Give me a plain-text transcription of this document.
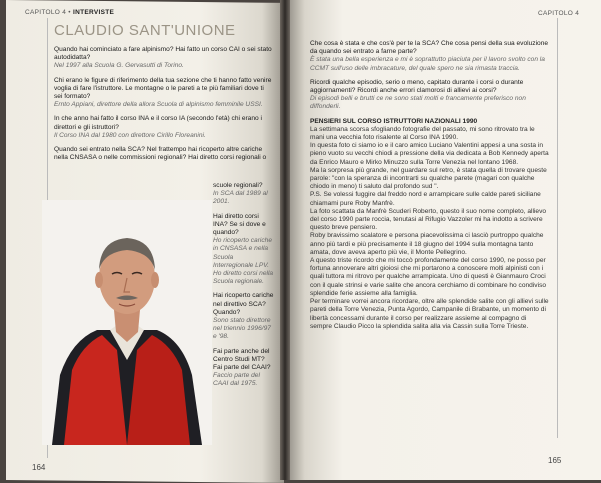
CAPITOLO 4 • INTERVISTE	CAPITOLO 4
CLAUDIO SANT'UNIONE
Quando hai cominciato a fare alpinismo? Hai fatto un corso CAI o sei stato autodidatta?
Nel 1997 alla Scuola G. Gervasutti di Torino.
Chi erano le figure di riferimento della tua sezione che ti hanno fatto venire voglia di fare l'istruttore. Le montagne o le pareti a te più familiari dove ti sei formato?
Ernto Appiani, direttore della allora Scuola di alpinismo femminile USSI.
In che anno hai fatto il corso INA e il corso IA (secondo l'età) chi erano i direttori e gli istruttori?
Il Corso INA dal 1980 con direttore Cirillo Floreanini.
Quando sei entrato nella SCA? Nel frattempo hai ricoperto altre cariche nella CNSASA o nelle commissioni regionali? Hai diretto corsi regionali o
scuole regionali?
In SCA dal 1989 al 2001.
Hai diretto corsi INA? Se si dove e quando?
Ho ricoperto cariche in CNSASA e nella Scuola Interregionale LPV. Ho diretto corsi nella Scuola regionale.
Hai ricoperto cariche nel direttivo SCA? Quando?
Sono stato direttore nel triennio 1996/97 e '98.
Fai parte anche del Centro Studi MT? Fai parte del CAAI?
Faccio parte del CAAI dal 1975.
164
Che cosa è stata e che cos'è per te la SCA? Che cosa pensi della sua evoluzione da quando sei entrato a farne parte?
È stata una bella esperienza e mi è soprattutto piaciuta per il lavoro svolto con la CCMT sull'uso delle imbracature, del quale spero ne sia rimasta traccia.
Ricordi qualche episodio, serio o meno, capitato durante i corsi o durante aggiornamenti? Ricordi anche errori clamorosi di allievi ai corsi?
Di episodi belli e brutti ce ne sono stati molti e francamente preferisco non diffonderli.
PENSIERI SUL CORSO ISTRUTTORI NAZIONALI 1990

La settimana scorsa sfogliando fotografie del passato, mi sono ritrovato tra le mani una vecchia foto risalente al Corso INA 1990.

In questa foto ci siamo io e il caro amico Luciano Valentini appesi a una sosta in pieno vuoto su vecchi chiodi a pressione della via dedicata a Bob Kennedy aperta da Enrico Mauro e Mirko Minuzzo sulla Torre Venezia nel lontano 1968.

Ma la sorpresa più grande, nel guardare sul retro, è stata quella di trovare queste parole: "con la speranza di incontrarti su qualche parete (magari con qualche chiodo in meno) ti saluto dal profondo sud ".

P.S. Se volessi fuggire dal freddo nord e arrampicare sulle calde pareti siciliane chiamami pure Roby Manfrè.

La foto scattata da Manfrè Scuderi Roberto, questo il suo nome completo, allievo del corso 1990 parte roccia, tenutasi al Rifugio Vazzoler mi ha indotto a scrivere questo breve pensiero.

Roby bravissimo scalatore e persona piacevolissima ci lasciò purtroppo qualche anno più tardi e più precisamente il 18 giugno del 1994 sulla montagna tanto amata, dove aveva aperto più vie, il Monte Pellegrino.

A questo triste ricordo che mi toccò profondamente del corso 1990, ne posso per fortuna annoverare altri gioiosi che mi portarono a conoscere molti alpinisti con i quali tuttora mi ritrovo per qualche arrampicata. Uno di questi è Gianmauro Croci con il quale strinsi e varie salite che ancora cerchiamo di combinare ho condiviso splendide ferie assieme alla famiglia.

Per terminare vorrei ancora ricordare, oltre alle splendide salite con gli allievi sulle pareti della Torre Venezia, Punta Agordo, Campanile di Brabante, un momento di libertà concessami durante il corso per realizzare assieme al compagno di sempre Claudio Picco la splendida salita alla via Cassin sulla Torre Trieste.

165
